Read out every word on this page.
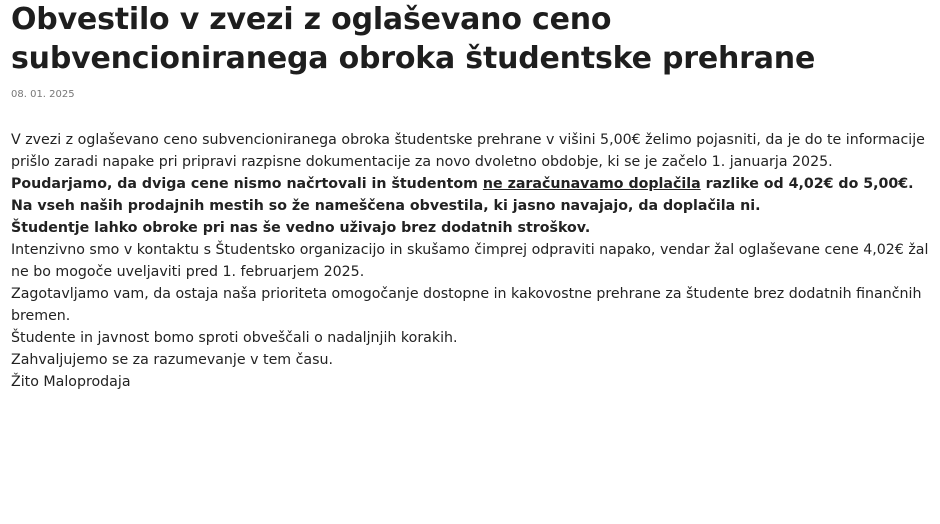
Obvestilo v zvezi z oglaševano ceno subvencioniranega obroka študentske prehrane
08. 01. 2025

V zvezi z oglaševano ceno subvencioniranega obroka študentske prehrane v višini 5,00€ želimo pojasniti, da je do te informacije prišlo zaradi napake pri pripravi razpisne dokumentacije za novo dvoletno obdobje, ki se je začelo 1. januarja 2025.

Poudarjamo, da dviga cene nismo načrtovali in študentom ne zaračunavamo doplačila razlike od 4,02€ do 5,00€.
Na vseh naših prodajnih mestih so že nameščena obvestila, ki jasno navajajo, da doplačila ni.
Študentje lahko obroke pri nas še vedno uživajo brez dodatnih stroškov.

Intenzivno smo v kontaktu s Študentsko organizacijo in skušamo čimprej odpraviti napako, vendar žal oglaševane cene 4,02€ žal ne bo mogoče uveljaviti pred 1. februarjem 2025.
Zagotavljamo vam, da ostaja naša prioriteta omogočanje dostopne in kakovostne prehrane za študente brez dodatnih finančnih bremen.

Študente in javnost bomo sproti obveščali o nadaljnjih korakih.
Zahvaljujemo se za razumevanje v tem času.

Žito Maloprodaja
